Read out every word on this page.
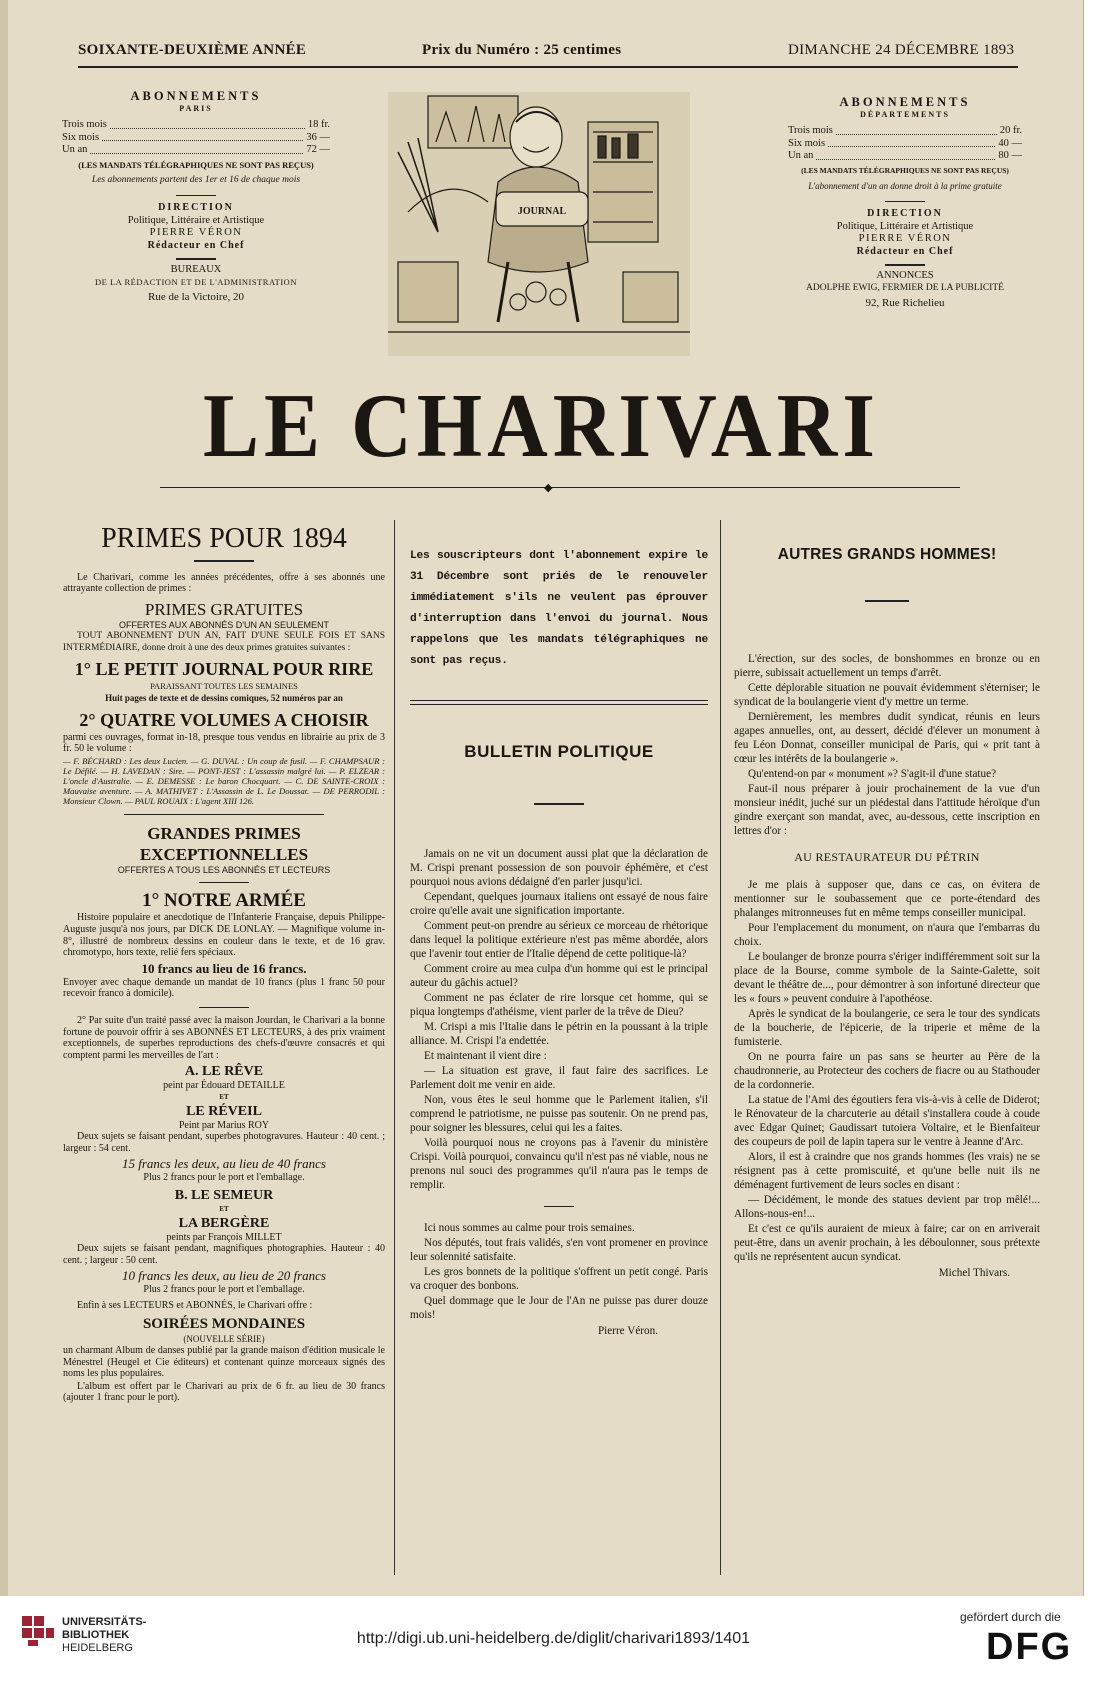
SOIXANTE-DEUXIÈME ANNÉE	Prix du Numéro : 25 centimes	DIMANCHE 24 DÉCEMBRE 1893
ABONNEMENTS
PARIS
Trois mois	18 fr.
Six mois	36 —
Un an	72 —
(LES MANDATS TÉLÉGRAPHIQUES NE SONT PAS REÇUS)
Les abonnements partent des 1er et 16 de chaque mois
DIRECTION
Politique, Littéraire et Artistique
PIERRE VÉRON
Rédacteur en Chef
BUREAUX
DE LA RÉDACTION ET DE L'ADMINISTRATION
Rue de la Victoire, 20
JOURNAL
ABONNEMENTS
DÉPARTEMENTS
Trois mois	20 fr.
Six mois	40 —
Un an	80 —
(LES MANDATS TÉLÉGRAPHIQUES NE SONT PAS REÇUS)
L'abonnement d'un an donne droit à la prime gratuite
DIRECTION
Politique, Littéraire et Artistique
PIERRE VÉRON
Rédacteur en Chef
ANNONCES
ADOLPHE EWIG, FERMIER DE LA PUBLICITÉ
92, Rue Richelieu
LE CHARIVARI
◆
PRIMES POUR 1894

Le Charivari, comme les années précédentes, offre à ses abonnés une attrayante collection de primes :

PRIMES GRATUITES
OFFERTES AUX ABONNÉS D'UN AN SEULEMENT

TOUT ABONNEMENT D'UN AN, FAIT D'UNE SEULE FOIS ET SANS INTERMÉDIAIRE, donne droit à une des deux primes gratuites suivantes :

1° LE PETIT JOURNAL POUR RIRE
PARAISSANT TOUTES LES SEMAINES
Huit pages de texte et de dessins comiques, 52 numéros par an
2° QUATRE VOLUMES A CHOISIR

parmi ces ouvrages, format in-18, presque tous vendus en librairie au prix de 3 fr. 50 le volume :

— F. BÉCHARD : Les deux Lucien. — G. DUVAL : Un coup de fusil. — F. CHAMPSAUR : Le Défilé. — H. LAVEDAN : Sire. — PONT-JEST : L'assassin malgré lui. — P. ELZEAR : L'oncle d'Australie. — E. DEMESSE : Le baron Chocquart. — C. DE SAINTE-CROIX : Mauvaise aventure. — A. MATHIVET : L'Assassin de L. Le Doussat. — DE PERRODIL : Monsieur Clown. — PAUL ROUAIX : L'agent XIII 126.

GRANDES PRIMES EXCEPTIONNELLES
OFFERTES A TOUS LES ABONNÉS ET LECTEURS
1° NOTRE ARMÉE

Histoire populaire et anecdotique de l'Infanterie Française, depuis Philippe-Auguste jusqu'à nos jours, par DICK DE LONLAY. — Magnifique volume in-8°, illustré de nombreux dessins en couleur dans le texte, et de 16 grav. chromotypo, hors texte, relié fers spéciaux.

10 francs au lieu de 16 francs.

Envoyer avec chaque demande un mandat de 10 francs (plus 1 franc 50 pour recevoir franco à domicile).

2° Par suite d'un traité passé avec la maison Jourdan, le Charivari a la bonne fortune de pouvoir offrir à ses ABONNÉS ET LECTEURS, à des prix vraiment exceptionnels, de superbes reproductions des chefs-d'œuvre consacrés et qui comptent parmi les merveilles de l'art :

A. LE RÊVE
peint par Édouard DETAILLE
ET
LE RÉVEIL
Peint par Marius ROY

Deux sujets se faisant pendant, superbes photogravures. Hauteur : 40 cent. ; largeur : 54 cent.

15 francs les deux, au lieu de 40 francs
Plus 2 francs pour le port et l'emballage.
B. LE SEMEUR
ET
LA BERGÈRE
peints par François MILLET

Deux sujets se faisant pendant, magnifiques photographies. Hauteur : 40 cent. ; largeur : 50 cent.

10 francs les deux, au lieu de 20 francs
Plus 2 francs pour le port et l'emballage.

Enfin à ses LECTEURS et ABONNÉS, le Charivari offre :

SOIRÉES MONDAINES
(NOUVELLE SÉRIE)

un charmant Album de danses publié par la grande maison d'édition musicale le Ménestrel (Heugel et Cie éditeurs) et contenant quinze morceaux signés des noms les plus populaires.

L'album est offert par le Charivari au prix de 6 fr. au lieu de 30 francs (ajouter 1 franc pour le port).

Les souscripteurs dont l'abonnement expire le 31 Décembre sont priés de le renouveler immédiatement s'ils ne veulent pas éprouver d'interruption dans l'envoi du journal. Nous rappelons que les mandats télégraphiques ne sont pas reçus.

BULLETIN POLITIQUE

Jamais on ne vit un document aussi plat que la déclaration de M. Crispi prenant possession de son pouvoir éphémère, et c'est pourquoi nous avions dédaigné d'en parler jusqu'ici.

Cependant, quelques journaux italiens ont essayé de nous faire croire qu'elle avait une signification importante.

Comment peut-on prendre au sérieux ce morceau de rhétorique dans lequel la politique extérieure n'est pas même abordée, alors que l'avenir tout entier de l'Italie dépend de cette politique-là?

Comment croire au mea culpa d'un homme qui est le principal auteur du gâchis actuel?

Comment ne pas éclater de rire lorsque cet homme, qui se piqua longtemps d'athéisme, vient parler de la trêve de Dieu?

M. Crispi a mis l'Italie dans le pétrin en la poussant à la triple alliance. M. Crispi l'a endettée.

Et maintenant il vient dire :

— La situation est grave, il faut faire des sacrifices. Le Parlement doit me venir en aide.

Non, vous êtes le seul homme que le Parlement italien, s'il comprend le patriotisme, ne puisse pas soutenir. On ne prend pas, pour soigner les blessures, celui qui les a faites.

Voilà pourquoi nous ne croyons pas à l'avenir du ministère Crispi. Voilà pourquoi, convaincu qu'il n'est pas né viable, nous ne prenons nul souci des programmes qu'il n'aura pas le temps de remplir.

Ici nous sommes au calme pour trois semaines.

Nos députés, tout frais validés, s'en vont promener en province leur solennité satisfaite.

Les gros bonnets de la politique s'offrent un petit congé. Paris va croquer des bonbons.

Quel dommage que le Jour de l'An ne puisse pas durer douze mois!

Pierre Véron.
AUTRES GRANDS HOMMES!

L'érection, sur des socles, de bonshommes en bronze ou en pierre, subissait actuellement un temps d'arrêt.

Cette déplorable situation ne pouvait évidemment s'éterniser; le syndicat de la boulangerie vient d'y mettre un terme.

Dernièrement, les membres dudit syndicat, réunis en leurs agapes annuelles, ont, au dessert, décidé d'élever un monument à feu Léon Donnat, conseiller municipal de Paris, qui « prit tant à cœur les intérêts de la boulangerie ».

Qu'entend-on par « monument »? S'agit-il d'une statue?

Faut-il nous préparer à jouir prochainement de la vue d'un monsieur inédit, juché sur un piédestal dans l'attitude héroïque d'un gindre exerçant son mandat, avec, au-dessous, cette inscription en lettres d'or :

AU RESTAURATEUR DU PÉTRIN

Je me plais à supposer que, dans ce cas, on évitera de mentionner sur le soubassement que ce porte-étendard des phalanges mitronneuses fut en même temps conseiller municipal.

Pour l'emplacement du monument, on n'aura que l'embarras du choix.

Le boulanger de bronze pourra s'ériger indifféremment soit sur la place de la Bourse, comme symbole de la Sainte-Galette, soit devant le théâtre de..., pour démontrer à son infortuné directeur que les « fours » peuvent conduire à l'apothéose.

Après le syndicat de la boulangerie, ce sera le tour des syndicats de la boucherie, de l'épicerie, de la triperie et même de la fumisterie.

On ne pourra faire un pas sans se heurter au Père de la chaudronnerie, au Protecteur des cochers de fiacre ou au Stathouder de la cordonnerie.

La statue de l'Ami des égoutiers fera vis-à-vis à celle de Diderot; le Rénovateur de la charcuterie au détail s'installera coude à coude avec Edgar Quinet; Gaudissart tutoiera Voltaire, et le Bienfaiteur des coupeurs de poil de lapin tapera sur le ventre à Jeanne d'Arc.

Alors, il est à craindre que nos grands hommes (les vrais) ne se résignent pas à cette promiscuité, et qu'une belle nuit ils ne déménagent furtivement de leurs socles en disant :

— Décidément, le monde des statues devient par trop mêlé!... Allons-nous-en!...

Et c'est ce qu'ils auraient de mieux à faire; car on en arriverait peut-être, dans un avenir prochain, à les déboulonner, sous prétexte qu'ils ne représentent aucun syndicat.

Michel Thivars.
UNIVERSITÄTS-
BIBLIOTHEK
HEIDELBERG
http://digi.ub.uni-heidelberg.de/diglit/charivari1893/1401
gefördert durch die
DFG
